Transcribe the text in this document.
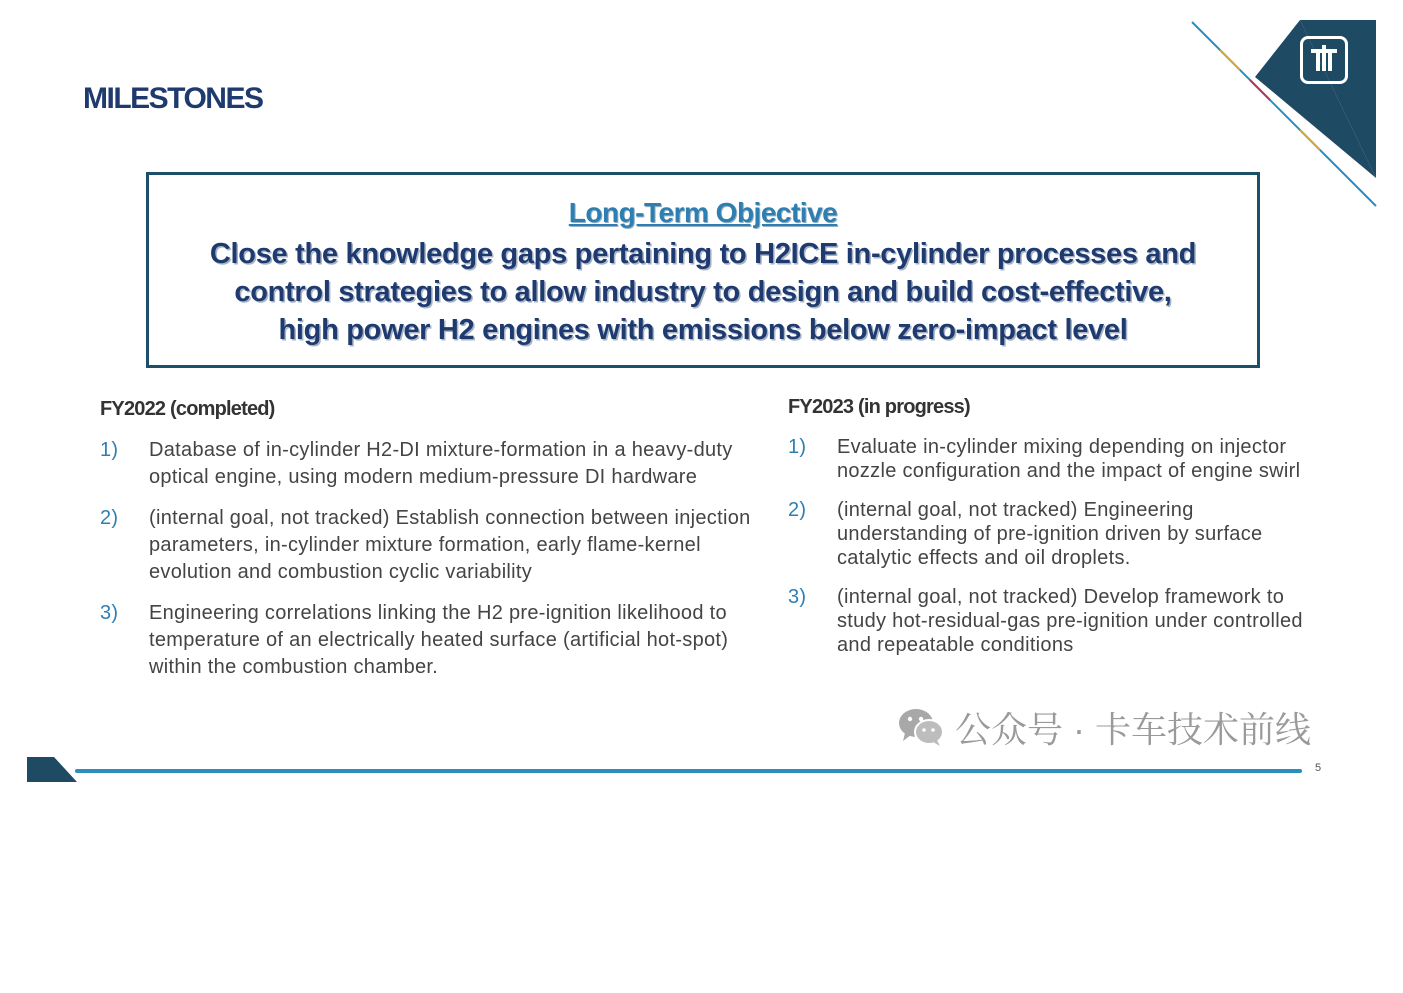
MILESTONES
Long-Term Objective
Close the knowledge gaps pertaining to H2ICE in-cylinder processes and
control strategies to allow industry to design and build cost-effective,
high power H2 engines with emissions below zero-impact level
FY2022 (completed)
1) Database of in-cylinder H2-DI mixture-formation in a heavy-duty optical engine, using modern medium-pressure DI hardware
2) (internal goal, not tracked) Establish connection between injection parameters, in-cylinder mixture formation, early flame-kernel evolution and combustion cyclic variability
3) Engineering correlations linking the H2 pre-ignition likelihood to temperature of an electrically heated surface (artificial hot-spot) within the combustion chamber.
FY2023 (in progress)
1) Evaluate in-cylinder mixing depending on injector nozzle configuration and the impact of engine swirl
2) (internal goal, not tracked) Engineering understanding of pre-ignition driven by surface catalytic effects and oil droplets.
3) (internal goal, not tracked) Develop framework to study hot-residual-gas pre-ignition under controlled and repeatable conditions
公众号 · 卡车技术前线
5
